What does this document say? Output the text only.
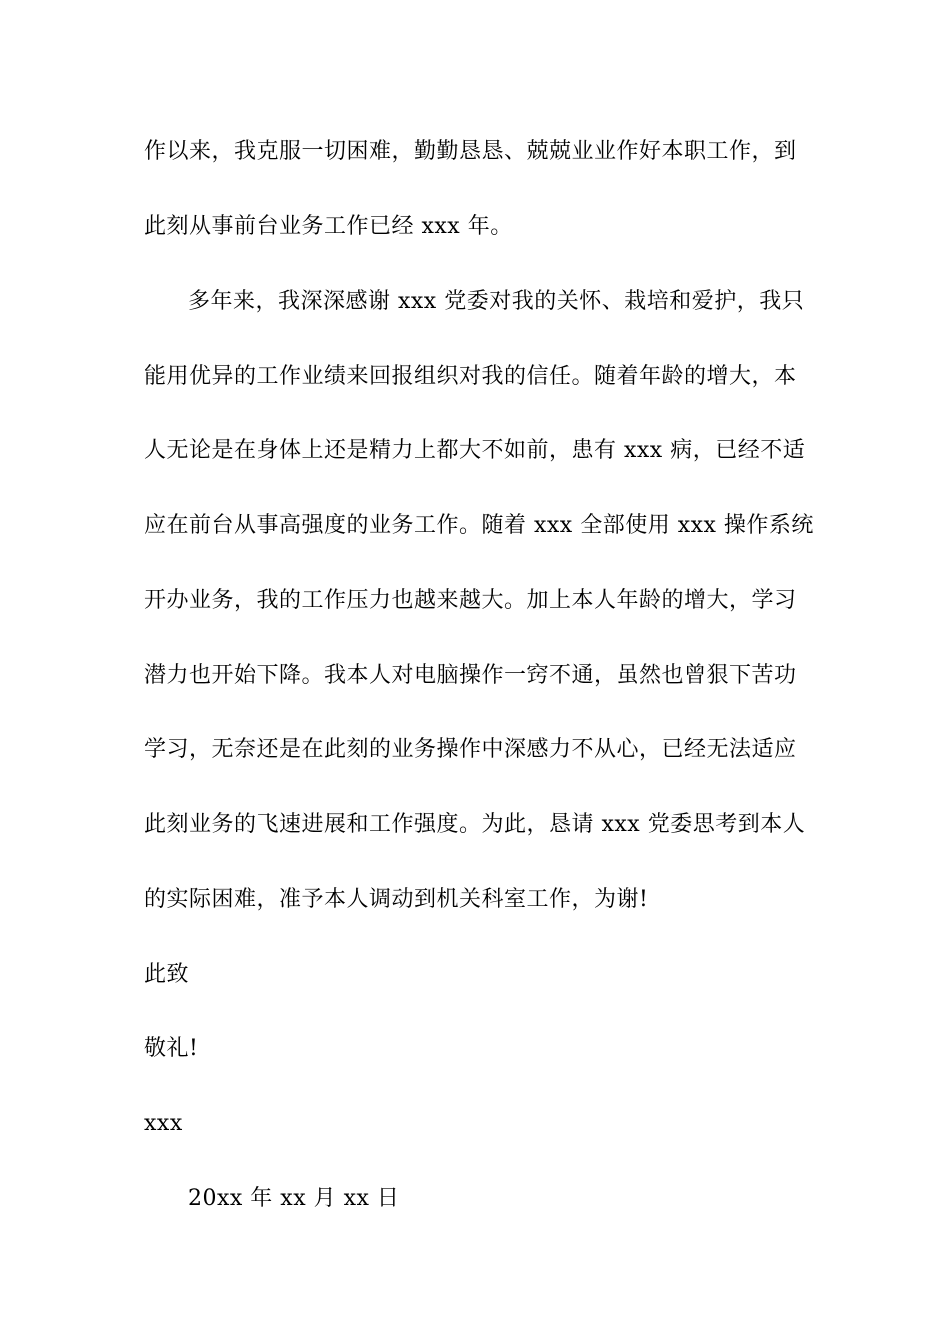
作以来，我克服一切困难，勤勤恳恳、兢兢业业作好本职工作，到
此刻从事前台业务工作已经 xxx 年。
多年来，我深深感谢 xxx 党委对我的关怀、栽培和爱护，我只
能用优异的工作业绩来回报组织对我的信任。随着年龄的增大，本
人无论是在身体上还是精力上都大不如前，患有 xxx 病，已经不适
应在前台从事高强度的业务工作。随着 xxx 全部使用 xxx 操作系统
开办业务，我的工作压力也越来越大。加上本人年龄的增大，学习
潜力也开始下降。我本人对电脑操作一窍不通，虽然也曾狠下苦功
学习，无奈还是在此刻的业务操作中深感力不从心，已经无法适应
此刻业务的飞速进展和工作强度。为此，恳请 xxx 党委思考到本人
的实际困难，准予本人调动到机关科室工作，为谢!
此致
敬礼!
xxx
20xx 年 xx 月 xx 日
